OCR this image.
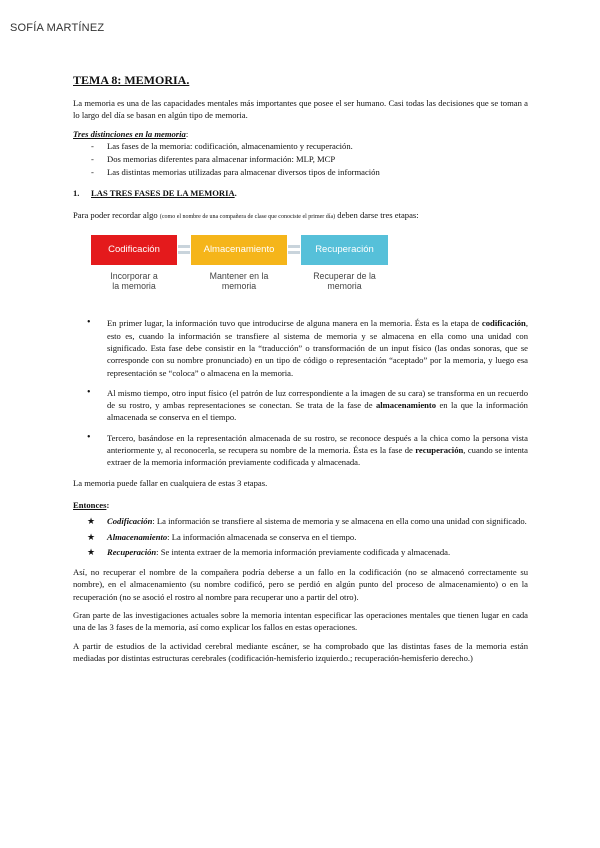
SOFÍA MARTÍNEZ
TEMA 8: MEMORIA.

La memoria es una de las capacidades mentales más importantes que posee el ser humano. Casi todas las decisiones que se toman a lo largo del día se basan en algún tipo de memoria.

Tres distinciones en la memoria:
- Las fases de la memoria: codificación, almacenamiento y recuperación.
- Dos memorias diferentes para almacenar información: MLP, MCP
- Las distintas memorias utilizadas para almacenar diversos tipos de información
1. LAS TRES FASES DE LA MEMORIA.

Para poder recordar algo (como el nombre de una compañera de clase que conociste el primer día) deben darse tres etapas:

Codificación	Almacenamiento	Recuperación
Incorporar a
la memoria
Mantener en la
memoria
Recuperar de la
memoria
• En primer lugar, la información tuvo que introducirse de alguna manera en la memoria. Ésta es la etapa de codificación, esto es, cuando la información se transfiere al sistema de memoria y se almacena en ella como una unidad con significado. Esta fase debe consistir en la “traducción” o transformación de un input físico (las ondas sonoras, que se corresponde con su nombre pronunciado) en un tipo de código o representación “aceptado” por la memoria, y luego esa representación se “coloca” o almacena en la memoria.
• Al mismo tiempo, otro input físico (el patrón de luz correspondiente a la imagen de su cara) se transforma en un recuerdo de su rostro, y ambas representaciones se conectan. Se trata de la fase de almacenamiento en la que la información almacenada se conserva en el tiempo.
• Tercero, basándose en la representación almacenada de su rostro, se reconoce después a la chica como la persona vista anteriormente y, al reconocerla, se recupera su nombre de la memoria. Ésta es la fase de recuperación, cuando se intenta extraer de la memoria información previamente codificada y almacenada.

La memoria puede fallar en cualquiera de estas 3 etapas.

Entonces:
★ Codificación: La información se transfiere al sistema de memoria y se almacena en ella como una unidad con significado.
★ Almacenamiento: La información almacenada se conserva en el tiempo.
★ Recuperación: Se intenta extraer de la memoria información previamente codificada y almacenada.

Así, no recuperar el nombre de la compañera podría deberse a un fallo en la codificación (no se almacenó correctamente su nombre), en el almacenamiento (su nombre codificó, pero se perdió en algún punto del proceso de almacenamiento) o en la recuperación (no se asoció el rostro al nombre para recuperar uno a partir del otro).

Gran parte de las investigaciones actuales sobre la memoria intentan especificar las operaciones mentales que tienen lugar en cada una de las 3 fases de la memoria, así como explicar los fallos en estas operaciones.

A partir de estudios de la actividad cerebral mediante escáner, se ha comprobado que las distintas fases de la memoria están mediadas por distintas estructuras cerebrales (codificación-hemisferio izquierdo.; recuperación-hemisferio derecho.)
